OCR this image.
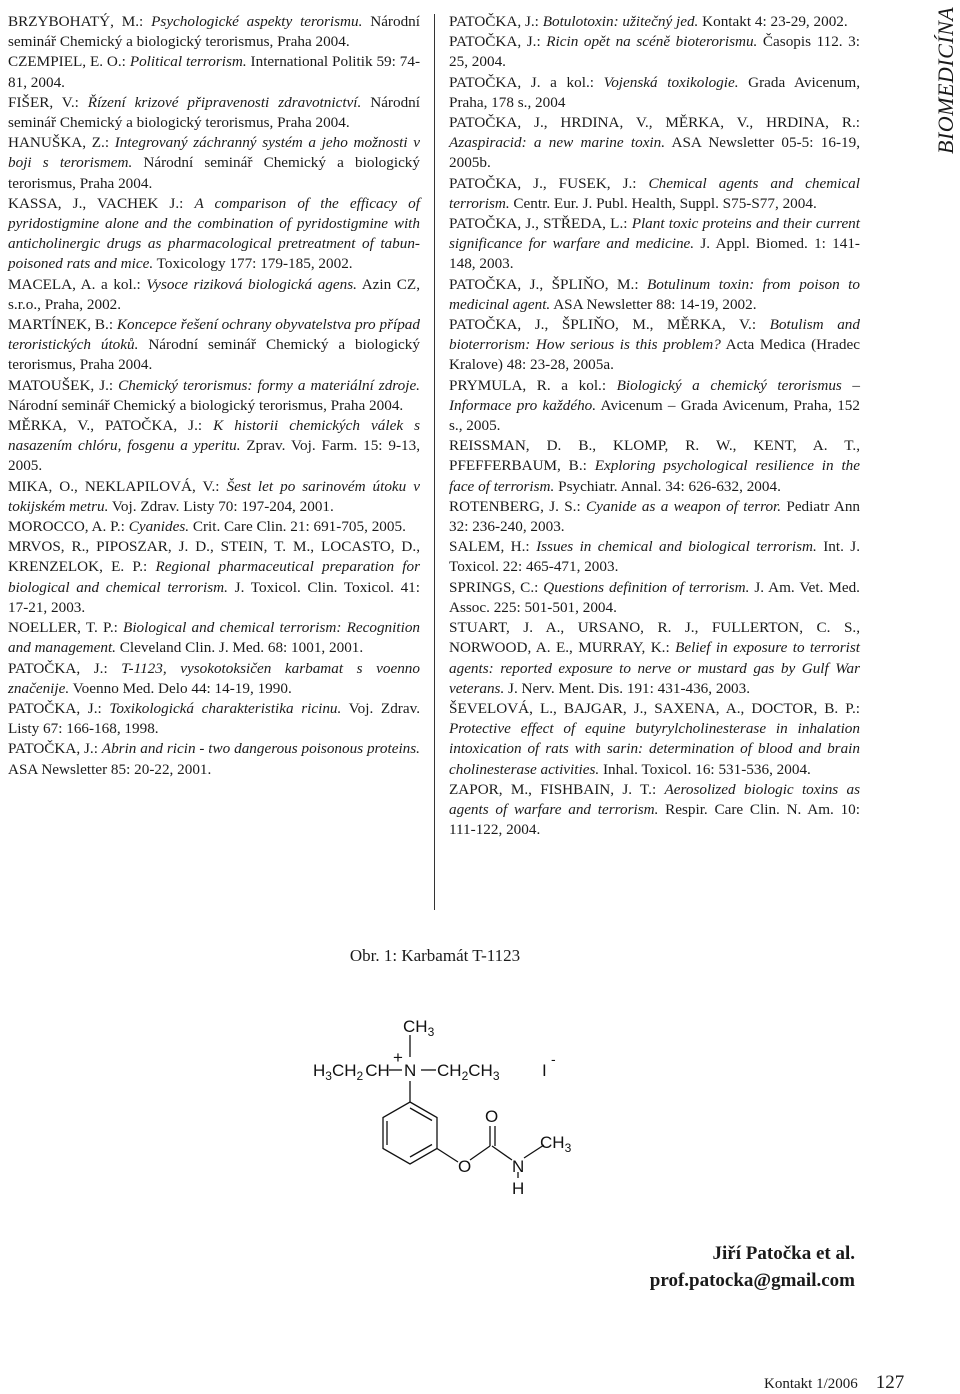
BIOMEDICÍNA

BRZYBOHATÝ, M.: Psychologické aspekty terorismu. Národní seminář Chemický a biologický terorismus, Praha 2004.

CZEMPIEL, E. O.: Political terrorism. International Politik 59: 74-81, 2004.

FIŠER, V.: Řízení krizové připravenosti zdravotnictví. Národní seminář Chemický a biologický terorismus, Praha 2004.

HANUŠKA, Z.: Integrovaný záchranný systém a jeho možnosti v boji s terorismem. Národní seminář Chemický a biologický terorismus, Praha 2004.

KASSA, J., VACHEK J.: A comparison of the efficacy of pyridostigmine alone and the combination of pyridostigmine with anticholinergic drugs as pharmacological pretreatment of tabun-poisoned rats and mice. Toxicology 177: 179-185, 2002.

MACELA, A. a kol.: Vysoce riziková biologická agens. Azin CZ, s.r.o., Praha, 2002.

MARTÍNEK, B.: Koncepce řešení ochrany obyvatelstva pro případ teroristických útoků. Národní seminář Chemický a biologický terorismus, Praha 2004.

MATOUŠEK, J.: Chemický terorismus: formy a materiální zdroje. Národní seminář Chemický a biologický terorismus, Praha 2004.

MĚRKA, V., PATOČKA, J.: K historii chemických válek s nasazením chlóru, fosgenu a yperitu. Zprav. Voj. Farm. 15: 9-13, 2005.

MIKA, O., NEKLAPILOVÁ, V.: Šest let po sarinovém útoku v tokijském metru. Voj. Zdrav. Listy 70: 197-204, 2001.

MOROCCO, A. P.: Cyanides. Crit. Care Clin. 21: 691-705, 2005.

MRVOS, R., PIPOSZAR, J. D., STEIN, T. M., LOCASTO, D., KRENZELOK, E. P.: Regional pharmaceutical preparation for biological and chemical terrorism. J. Toxicol. Clin. Toxicol. 41: 17-21, 2003.

NOELLER, T. P.: Biological and chemical terrorism: Recognition and management. Cleveland Clin. J. Med. 68: 1001, 2001.

PATOČKA, J.: T-1123, vysokotoksičen karbamat s voenno značenije. Voenno Med. Delo 44: 14-19, 1990.

PATOČKA, J.: Toxikologická charakteristika ricinu. Voj. Zdrav. Listy 67: 166-168, 1998.

PATOČKA, J.: Abrin and ricin - two dangerous poisonous proteins. ASA Newsletter 85: 20-22, 2001.

PATOČKA, J.: Botulotoxin: užitečný jed. Kontakt 4: 23-29, 2002.

PATOČKA, J.: Ricin opět na scéně bioterorismu. Časopis 112. 3: 25, 2004.

PATOČKA, J. a kol.: Vojenská toxikologie. Grada Avicenum, Praha, 178 s., 2004

PATOČKA, J., HRDINA, V., MĚRKA, V., HRDINA, R.: Azaspiracid: a new marine toxin. ASA Newsletter 05-5: 16-19, 2005b.

PATOČKA, J., FUSEK, J.: Chemical agents and chemical terrorism. Centr. Eur. J. Publ. Health, Suppl. S75-S77, 2004.

PATOČKA, J., STŘEDA, L.: Plant toxic proteins and their current significance for warfare and medicine. J. Appl. Biomed. 1: 141-148, 2003.

PATOČKA, J., ŠPLIŇO, M.: Botulinum toxin: from poison to medicinal agent. ASA Newsletter 88: 14-19, 2002.

PATOČKA, J., ŠPLIŇO, M., MĚRKA, V.: Botulism and bioterrorism: How serious is this problem? Acta Medica (Hradec Kralove) 48: 23-28, 2005a.

PRYMULA, R. a kol.: Biologický a chemický terorismus – Informace pro každého. Avicenum – Grada Avicenum, Praha, 152 s., 2005.

REISSMAN, D. B., KLOMP, R. W., KENT, A. T., PFEFFERBAUM, B.: Exploring psychological resilience in the face of terrorism. Psychiatr. Annal. 34: 626-632, 2004.

ROTENBERG, J. S.: Cyanide as a weapon of terror. Pediatr Ann 32: 236-240, 2003.

SALEM, H.: Issues in chemical and biological terrorism. Int. J. Toxicol. 22: 465-471, 2003.

SPRINGS, C.: Questions definition of terrorism. J. Am. Vet. Med. Assoc. 225: 501-501, 2004.

STUART, J. A., URSANO, R. J., FULLERTON, C. S., NORWOOD, A. E., MURRAY, K.: Belief in exposure to terrorist agents: reported exposure to nerve or mustard gas by Gulf War veterans. J. Nerv. Ment. Dis. 191: 431-436, 2003.

ŠEVELOVÁ, L., BAJGAR, J., SAXENA, A., DOCTOR, B. P.: Protective effect of equine butyrylcholinesterase in inhalation intoxication of rats with sarin: determination of blood and brain cholinesterase activities. Inhal. Toxicol. 16: 531-536, 2004.

ZAPOR, M., FISHBAIN, J. T.: Aerosolized biologic toxins as agents of warfare and terrorism. Respir. Care Clin. N. Am. 10: 111-122, 2004.

Obr. 1: Karbamát T-1123
$CH_3$
$H_3CH_2$ CH
+
N $CH_2CH_3$	I
-
O
O N
H
$CH_3$
Jiří Patočka et al.
prof.patocka@gmail.com
Kontakt 1/2006 127
